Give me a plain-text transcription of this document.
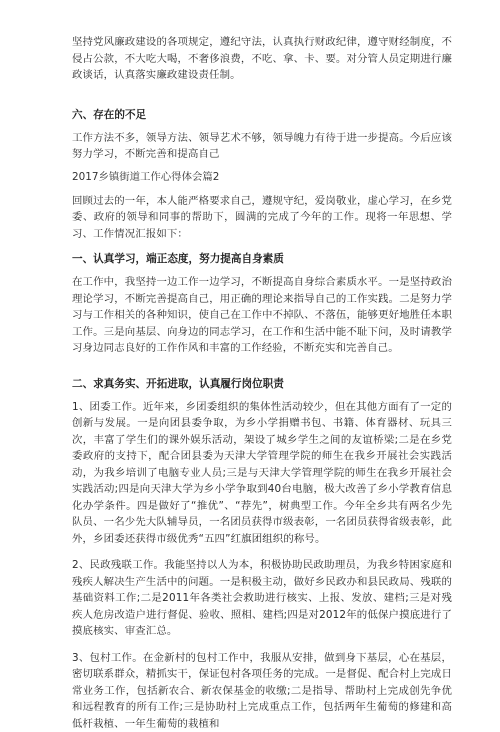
坚持党风廉政建设的各项规定，遵纪守法，认真执行财政纪律，遵守财经制度，不侵占公款，不大吃大喝，不奢侈浪费，不吃、拿、卡、要。对分管人员定期进行廉政谈话，认真落实廉政建设责任制。

六、存在的不足

工作方法不多，领导方法、领导艺术不够，领导魄力有待于进一步提高。今后应该努力学习，不断完善和提高自己

2017乡镇街道工作心得体会篇2

回顾过去的一年，本人能严格要求自己，遵规守纪，爱岗敬业，虚心学习，在乡党委、政府的领导和同事的帮助下，圆满的完成了今年的工作。现将一年思想、学习、工作情况汇报如下：

一、认真学习，端正态度，努力提高自身素质

在工作中，我坚持一边工作一边学习，不断提高自身综合素质水平。一是坚持政治理论学习，不断完善提高自己，用正确的理论来指导自己的工作实践。二是努力学习与工作相关的各种知识，使自己在工作中不掉队、不落伍，能够更好地胜任本职工作。三是向基层、向身边的同志学习，在工作和生活中能不耻下问，及时请教学习身边同志良好的工作作风和丰富的工作经验，不断充实和完善自己。

二、求真务实、开拓进取，认真履行岗位职责

1、团委工作。近年来，乡团委组织的集体性活动较少，但在其他方面有了一定的创新与发展。一是向团县委争取，为乡小学捐赠书包、书籍、体育器材、玩具三次，丰富了学生们的课外娱乐活动，架设了城乡学生之间的友谊桥梁;二是在乡党委政府的支持下，配合团县委为天津大学管理学院的师生在我乡开展社会实践活动，为我乡培训了电脑专业人员;三是与天津大学管理学院的师生在我乡开展社会实践活动;四是向天津大学为乡小学争取到40台电脑，极大改善了乡小学教育信息化办学条件。四是做好了“推优”、“荐先”，树典型工作。今年全乡共有两名少先队员、一名少先大队辅导员，一名团员获得市级表彰，一名团员获得省级表彰，此外，乡团委还获得市级优秀“五四”红旗团组织的称号。

2、民政残联工作。我能坚持以人为本，积极协助民政助理员，为我乡特困家庭和残疾人解决生产生活中的问题。一是积极主动，做好乡民政办和县民政局、残联的基础资料工作;二是2011年各类社会救助进行核实、上报、发放、建档;三是对残疾人危房改造户进行督促、验收、照相、建档;四是对2012年的低保户摸底进行了摸底核实、审查汇总。

3、包村工作。在金新村的包村工作中，我服从安排，做到身下基层，心在基层，密切联系群众，精抓实干，保证包村各项任务的完成。一是督促、配合村上完成日常业务工作，包括新农合、新农保基金的收缴;二是指导、帮助村上完成创先争优和远程教育的所有工作;三是协助村上完成重点工作，包括两年生葡萄的修建和高低杆栽植、一年生葡萄的栽植和
